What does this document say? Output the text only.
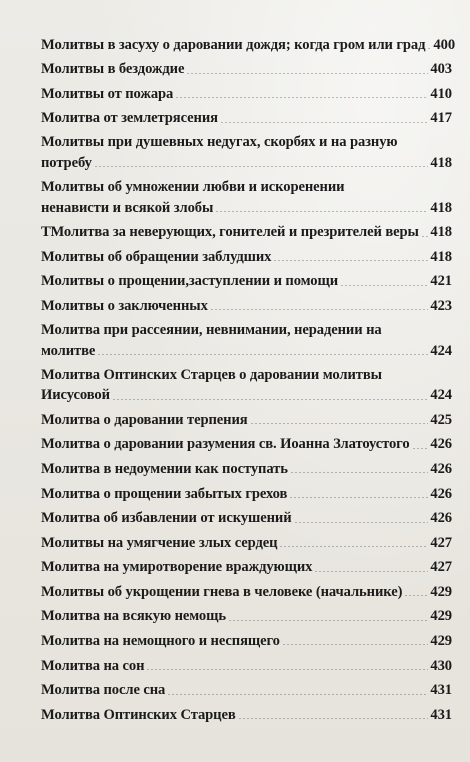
Молитвы в засуху о даровании дождя; когда гром или град 400
Молитвы в бездождие	403
Молитвы от пожара	410
Молитва от землетрясения	417
Молитвы при душевных недугах, скорбях и на разную
потребу	418
Молитвы об умножении любви и искоренении
ненависти и всякой злобы	418
ТМолитва за неверующих, гонителей и презрителей веры 418
Молитвы об обращении заблудших	418
Молитвы о прощении,заступлении и помощи	421
Молитвы о заключенных	423
Молитва при рассеянии, невнимании, нерадении на
молитве	424
Молитва Оптинских Старцев о даровании молитвы
Иисусовой	424
Молитва о даровании терпения	425
Молитва о даровании разумения св. Иоанна Златоустого 426
Молитва в недоумении как поступать	426
Молитва о прощении забытых грехов	426
Молитва об избавлении от искушений	426
Молитвы на умягчение злых сердец	427
Молитва на умиротворение враждующих	427
Молитвы об укрощении гнева в человеке (начальнике) 429
Молитва на всякую немощь	429
Молитва на немощного и неспящего	429
Молитва на сон	430
Молитва после сна	431
Молитва Оптинских Старцев	431
